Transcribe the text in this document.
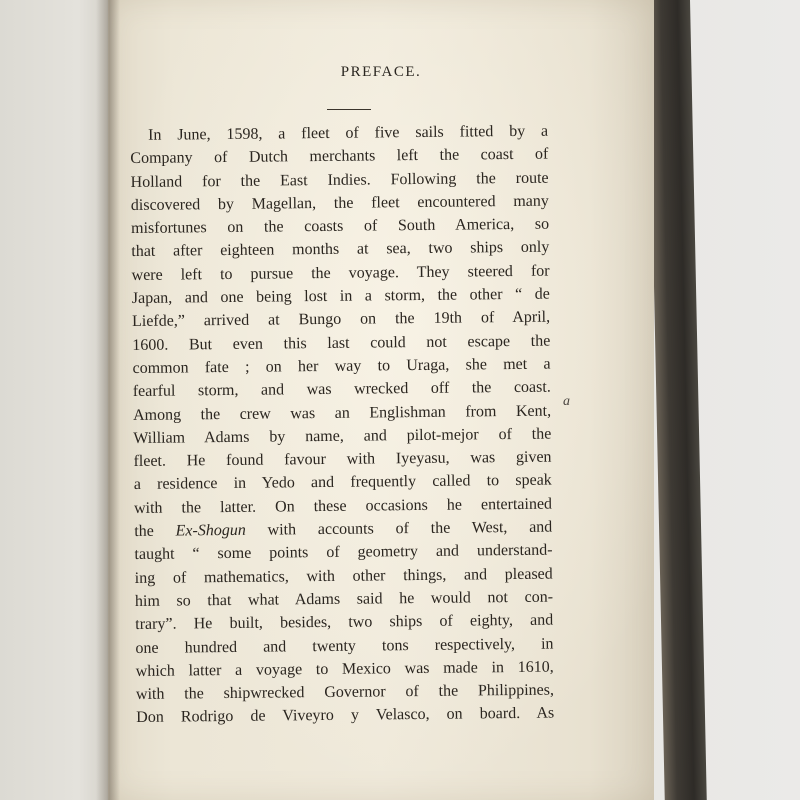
PREFACE.
In June, 1598, a fleet of five sails fitted by a
Company of Dutch merchants left the coast of
Holland for the East Indies. Following the route
discovered by Magellan, the fleet encountered many
misfortunes on the coasts of South America, so
that after eighteen months at sea, two ships only
were left to pursue the voyage. They steered for
Japan, and one being lost in a storm, the other “ de
Liefde,” arrived at Bungo on the 19th of April,
1600. But even this last could not escape the
common fate ; on her way to Uraga, she met a
fearful storm, and was wrecked off the coast.
Among the crew was an Englishman from Kent,
William Adams by name, and pilot-mejor of the
fleet. He found favour with Iyeyasu, was given
a residence in Yedo and frequently called to speak
with the latter. On these occasions he entertained
the Ex-Shogun with accounts of the West, and
taught “ some points of geometry and understand-
ing of mathematics, with other things, and pleased
him so that what Adams said he would not con-
trary”. He built, besides, two ships of eighty, and
one hundred and twenty tons respectively, in
which latter a voyage to Mexico was made in 1610,
with the shipwrecked Governor of the Philippines,
Don Rodrigo de Viveyro y Velasco, on board. As
a
